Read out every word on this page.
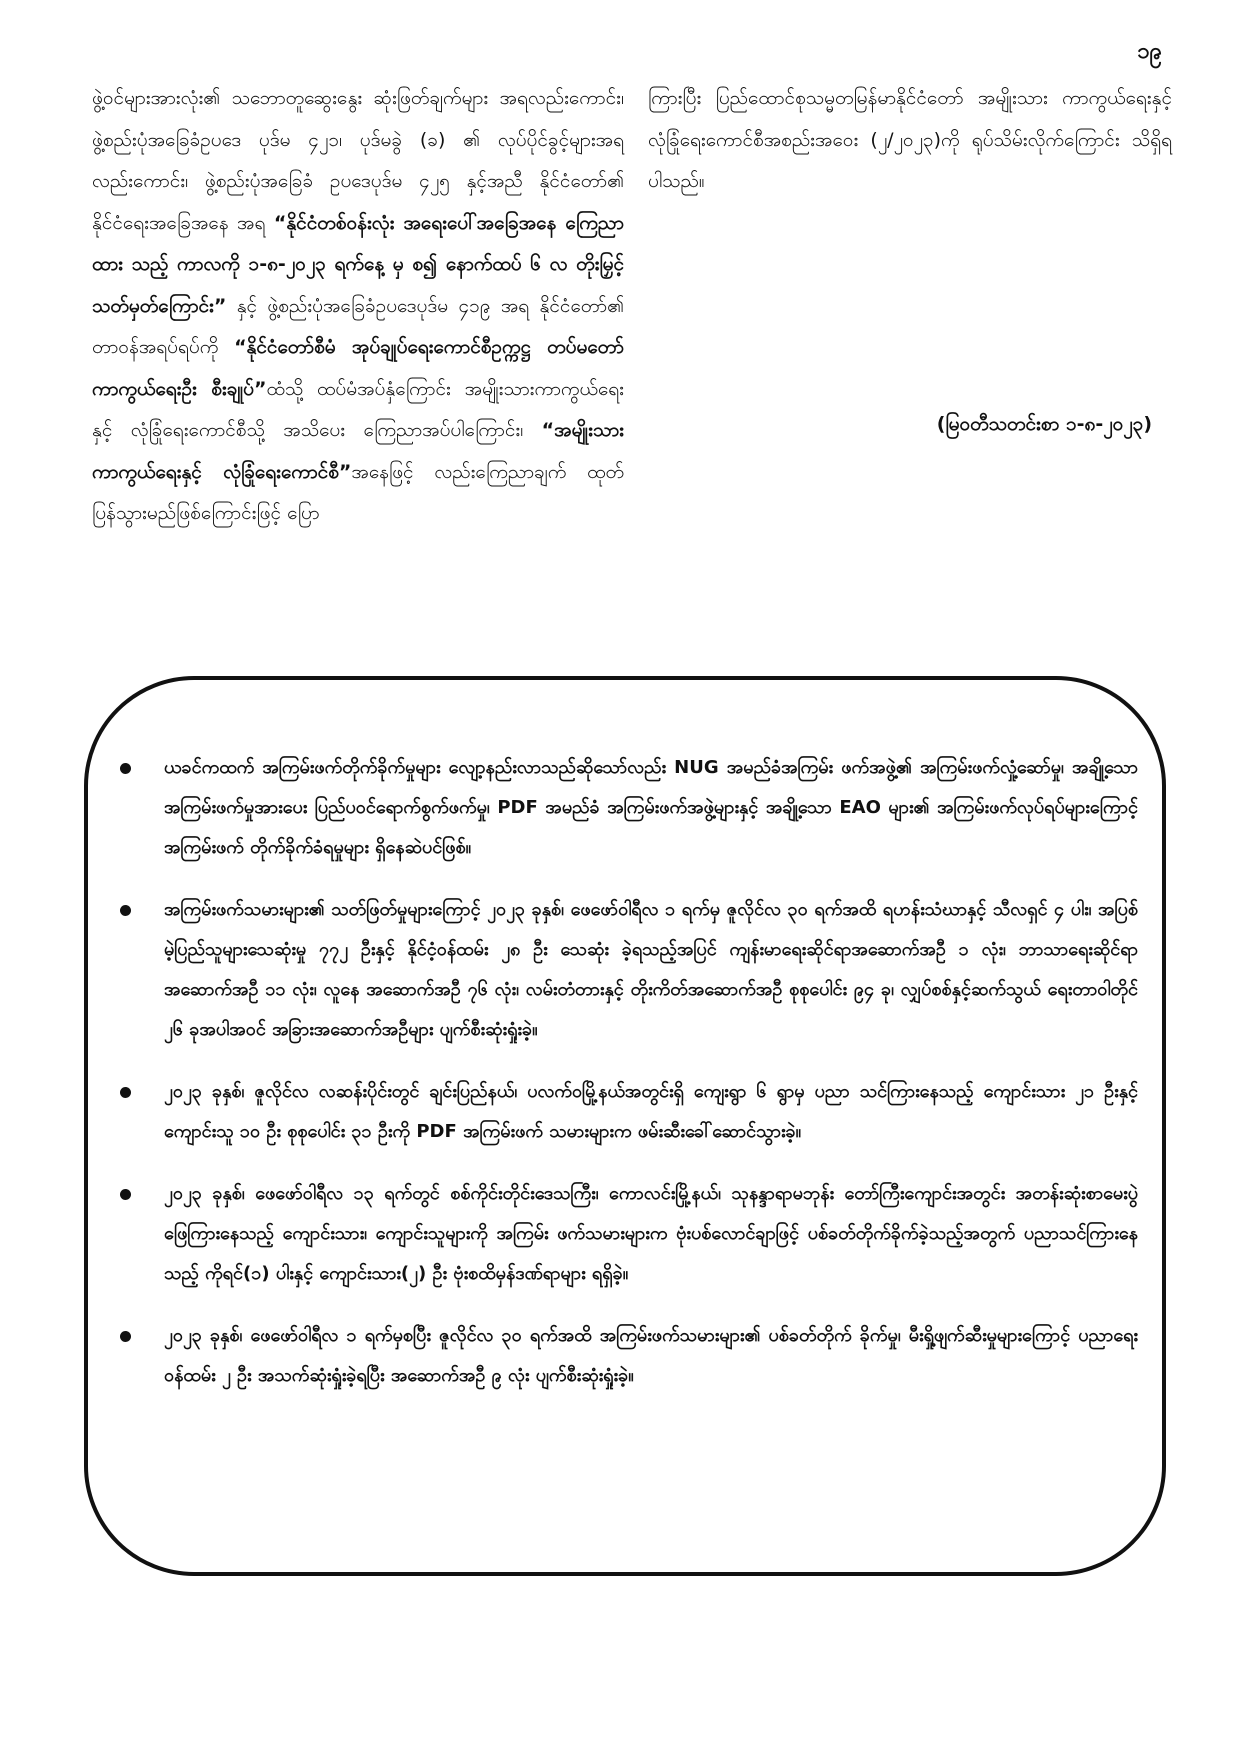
၁၉
ဖွဲ့ဝင်များအားလုံး၏ သဘောတူဆွေးနွေး ဆုံးဖြတ်ချက်များ အရလည်းကောင်း၊ ဖွဲ့စည်းပုံအခြေခံဥပဒေ ပုဒ်မ ၄၂၁၊ ပုဒ်မခွဲ (ခ) ၏ လုပ်ပိုင်ခွင့်များအရ လည်းကောင်း၊ ဖွဲ့စည်းပုံအခြေခံ ဥပဒေပုဒ်မ ၄၂၅ နှင့်အညီ နိုင်ငံတော်၏ နိုင်ငံရေးအခြေအနေ အရ “နိုင်ငံတစ်ဝန်းလုံး အရေးပေါ်အခြေအနေ ကြေညာထား သည့် ကာလကို ၁-၈-၂၀၂၃ ရက်နေ့ မှ စ၍ နောက်ထပ် ၆ လ တိုးမြှင့် သတ်မှတ်ကြောင်း” နှင့် ဖွဲ့စည်းပုံအခြေခံဥပဒေပုဒ်မ ၄၁၉ အရ နိုင်ငံတော်၏ တာဝန်အရပ်ရပ်ကို “နိုင်ငံတော်စီမံ အုပ်ချုပ်ရေးကောင်စီဥက္ကဋ္ဌ တပ်မတော်ကာကွယ်ရေးဦး စီးချုပ်”ထံသို့ ထပ်မံအပ်နှံကြောင်း အမျိုးသားကာကွယ်ရေး နှင့် လုံခြုံရေးကောင်စီသို့ အသိပေး ကြေညာအပ်ပါကြောင်း၊ “အမျိုးသားကာကွယ်ရေးနှင့် လုံခြုံရေးကောင်စီ”အနေဖြင့် လည်းကြေညာချက် ထုတ်ပြန်သွားမည်ဖြစ်ကြောင်းဖြင့် ပြော
ကြားပြီး ပြည်ထောင်စုသမ္မတမြန်မာနိုင်ငံတော် အမျိုးသား ကာကွယ်ရေးနှင့်လုံခြုံရေးကောင်စီအစည်းအဝေး (၂/၂၀၂၃)ကို ရုပ်သိမ်းလိုက်ကြောင်း သိရှိရပါသည်။
(မြဝတီသတင်းစာ ၁-၈-၂၀၂၃)
ယခင်ကထက် အကြမ်းဖက်တိုက်ခိုက်မှုများ လျော့နည်းလာသည်ဆိုသော်လည်း NUG အမည်ခံအကြမ်း ဖက်အဖွဲ့၏ အကြမ်းဖက်လှုံ့ဆော်မှု၊ အချို့သောအကြမ်းဖက်မှုအားပေး ပြည်ပဝင်ရောက်စွက်ဖက်မှု၊ PDF အမည်ခံ အကြမ်းဖက်အဖွဲ့များနှင့် အချို့သော EAO များ၏ အကြမ်းဖက်လုပ်ရပ်များကြောင့် အကြမ်းဖက် တိုက်ခိုက်ခံရမှုများ ရှိနေဆဲပင်ဖြစ်။
အကြမ်းဖက်သမားများ၏ သတ်ဖြတ်မှုများကြောင့် ၂၀၂၃ ခုနှစ်၊ ဖေဖော်ဝါရီလ ၁ ရက်မှ ဇူလိုင်လ ၃၀ ရက်အထိ ရဟန်းသံဃာနှင့် သီလရှင် ၄ ပါး၊ အပြစ်မဲ့ပြည်သူများသေဆုံးမှု ၇၇၂ ဦးနှင့် နိုင်ငံ့ဝန်ထမ်း ၂၈ ဦး သေဆုံး ခဲ့ရသည့်အပြင် ကျန်းမာရေးဆိုင်ရာအဆောက်အဦ ၁ လုံး၊ ဘာသာရေးဆိုင်ရာအဆောက်အဦ ၁၁ လုံး၊ လူနေ အဆောက်အဦ ၇၆ လုံး၊ လမ်းတံတားနှင့် တိုးကိတ်အဆောက်အဦ စုစုပေါင်း ၉၄ ခု၊ လျှပ်စစ်နှင့်ဆက်သွယ် ရေးတာဝါတိုင် ၂၆ ခုအပါအဝင် အခြားအဆောက်အဦများ ပျက်စီးဆုံးရှုံးခဲ့။
၂၀၂၃ ခုနှစ်၊ ဇူလိုင်လ လဆန်းပိုင်းတွင် ချင်းပြည်နယ်၊ ပလက်ဝမြို့နယ်အတွင်းရှိ ကျေးရွာ ၆ ရွာမှ ပညာ သင်ကြားနေသည့် ကျောင်းသား ၂၁ ဦးနှင့် ကျောင်းသူ ၁၀ ဦး စုစုပေါင်း ၃၁ ဦးကို PDF အကြမ်းဖက် သမားများက ဖမ်းဆီးခေါ်ဆောင်သွားခဲ့။
၂၀၂၃ ခုနှစ်၊ ဖေဖော်ဝါရီလ ၁၃ ရက်တွင် စစ်ကိုင်းတိုင်းဒေသကြီး၊ ကောလင်းမြို့နယ်၊ သုနန္ဒာရာမဘုန်း တော်ကြီးကျောင်းအတွင်း အတန်းဆုံးစာမေးပွဲ ဖြေကြားနေသည့် ကျောင်းသား၊ ကျောင်းသူများကို အကြမ်း ဖက်သမားများက ဗုံးပစ်လောင်ချာဖြင့် ပစ်ခတ်တိုက်ခိုက်ခဲ့သည့်အတွက် ပညာသင်ကြားနေသည့် ကိုရင်(၁) ပါးနှင့် ကျောင်းသား(၂) ဦး ဗုံးစထိမှန်ဒဏ်ရာများ ရရှိခဲ့။
၂၀၂၃ ခုနှစ်၊ ဖေဖော်ဝါရီလ ၁ ရက်မှစပြီး ဇူလိုင်လ ၃၀ ရက်အထိ အကြမ်းဖက်သမားများ၏ ပစ်ခတ်တိုက် ခိုက်မှု၊ မီးရှို့ဖျက်ဆီးမှုများကြောင့် ပညာရေးဝန်ထမ်း ၂ ဦး အသက်ဆုံးရှုံးခဲ့ရပြီး အဆောက်အဦ ၉ လုံး ပျက်စီးဆုံးရှုံးခဲ့။
